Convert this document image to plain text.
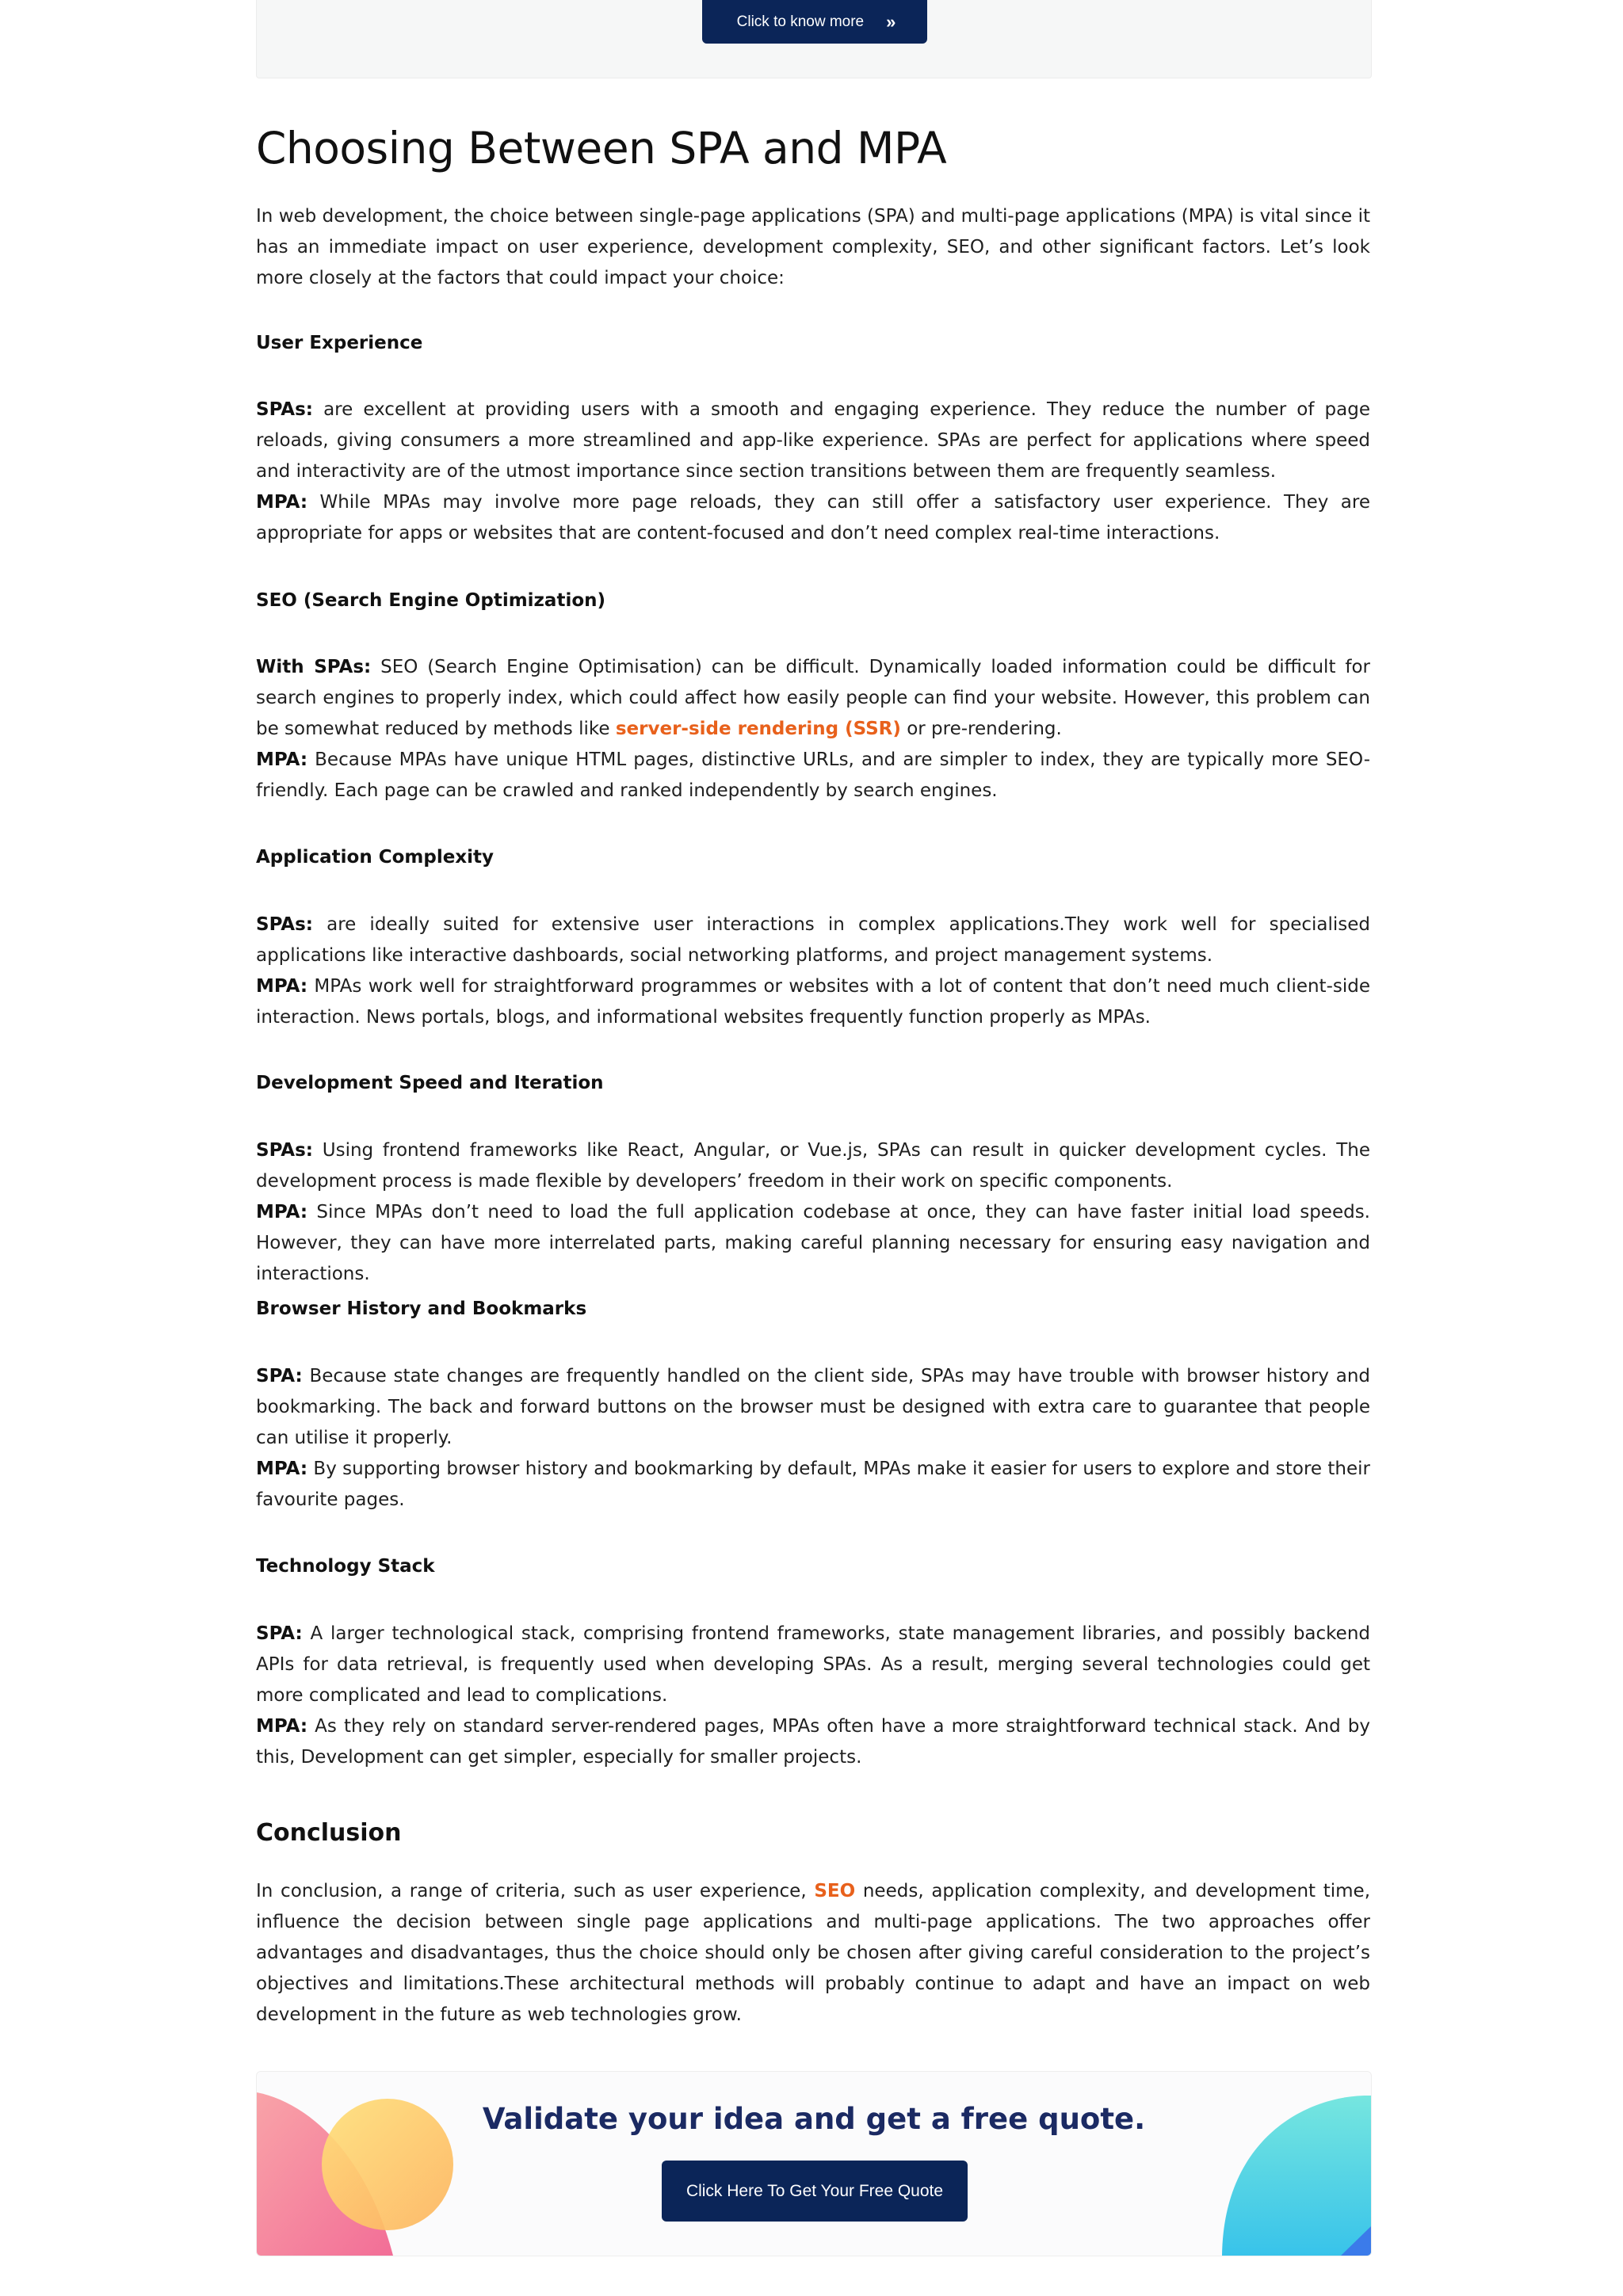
Click to know more »
Choosing Between SPA and MPA

In web development, the choice between single-page applications (SPA) and multi-page applications (MPA) is vital since it has an immediate impact on user experience, development complexity, SEO, and other significant factors. Let’s look more closely at the factors that could impact your choice:

User Experience

SPAs: are excellent at providing users with a smooth and engaging experience. They reduce the number of page reloads, giving consumers a more streamlined and app-like experience. SPAs are perfect for applications where speed and interactivity are of the utmost importance since section transitions between them are frequently seamless.
MPA: While MPAs may involve more page reloads, they can still offer a satisfactory user experience. They are appropriate for apps or websites that are content-focused and don’t need complex real-time interactions.

SEO (Search Engine Optimization)

With SPAs: SEO (Search Engine Optimisation) can be difficult. Dynamically loaded information could be difficult for search engines to properly index, which could affect how easily people can find your website. However, this problem can be somewhat reduced by methods like server-side rendering (SSR) or pre-rendering.
MPA: Because MPAs have unique HTML pages, distinctive URLs, and are simpler to index, they are typically more SEO-friendly. Each page can be crawled and ranked independently by search engines.

Application Complexity

SPAs: are ideally suited for extensive user interactions in complex applications.They work well for specialised applications like interactive dashboards, social networking platforms, and project management systems.
MPA: MPAs work well for straightforward programmes or websites with a lot of content that don’t need much client-side interaction. News portals, blogs, and informational websites frequently function properly as MPAs.

Development Speed and Iteration

SPAs: Using frontend frameworks like React, Angular, or Vue.js, SPAs can result in quicker development cycles. The development process is made flexible by developers’ freedom in their work on specific components.
MPA: Since MPAs don’t need to load the full application codebase at once, they can have faster initial load speeds. However, they can have more interrelated parts, making careful planning necessary for ensuring easy navigation and interactions.

Browser History and Bookmarks

SPA: Because state changes are frequently handled on the client side, SPAs may have trouble with browser history and bookmarking. The back and forward buttons on the browser must be designed with extra care to guarantee that people can utilise it properly.
MPA: By supporting browser history and bookmarking by default, MPAs make it easier for users to explore and store their favourite pages.

Technology Stack

SPA: A larger technological stack, comprising frontend frameworks, state management libraries, and possibly backend APIs for data retrieval, is frequently used when developing SPAs. As a result, merging several technologies could get more complicated and lead to complications.
MPA: As they rely on standard server-rendered pages, MPAs often have a more straightforward technical stack. And by this, Development can get simpler, especially for smaller projects.

Conclusion

In conclusion, a range of criteria, such as user experience, SEO needs, application complexity, and development time, influence the decision between single page applications and multi-page applications. The two approaches offer advantages and disadvantages, thus the choice should only be chosen after giving careful consideration to the project’s objectives and limitations.These architectural methods will probably continue to adapt and have an impact on web development in the future as web technologies grow.

Validate your idea and get a free quote.
Click Here To Get Your Free Quote
